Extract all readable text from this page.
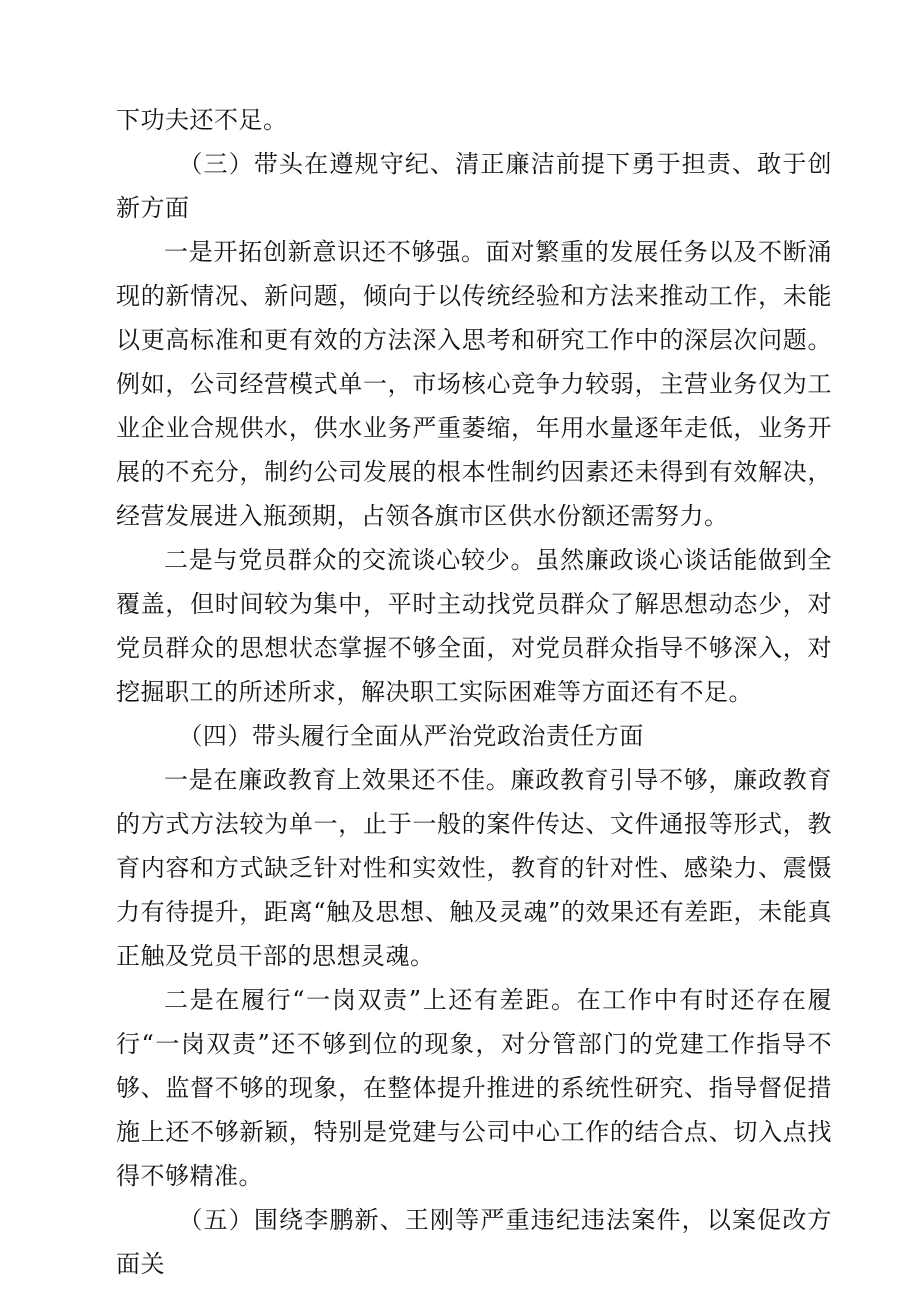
下功夫还不足。

（三）带头在遵规守纪、清正廉洁前提下勇于担责、敢于创新方面

一是开拓创新意识还不够强。面对繁重的发展任务以及不断涌现的新情况、新问题，倾向于以传统经验和方法来推动工作，未能以更高标准和更有效的方法深入思考和研究工作中的深层次问题。例如，公司经营模式单一，市场核心竞争力较弱，主营业务仅为工业企业合规供水，供水业务严重萎缩，年用水量逐年走低，业务开展的不充分，制约公司发展的根本性制约因素还未得到有效解决，经营发展进入瓶颈期，占领各旗市区供水份额还需努力。

二是与党员群众的交流谈心较少。虽然廉政谈心谈话能做到全覆盖，但时间较为集中，平时主动找党员群众了解思想动态少，对党员群众的思想状态掌握不够全面，对党员群众指导不够深入，对挖掘职工的所述所求，解决职工实际困难等方面还有不足。

（四）带头履行全面从严治党政治责任方面

一是在廉政教育上效果还不佳。廉政教育引导不够，廉政教育的方式方法较为单一，止于一般的案件传达、文件通报等形式，教育内容和方式缺乏针对性和实效性，教育的针对性、感染力、震慑力有待提升，距离“触及思想、触及灵魂”的效果还有差距，未能真正触及党员干部的思想灵魂。

二是在履行“一岗双责”上还有差距。在工作中有时还存在履行“一岗双责”还不够到位的现象，对分管部门的党建工作指导不够、监督不够的现象，在整体提升推进的系统性研究、指导督促措施上还不够新颖，特别是党建与公司中心工作的结合点、切入点找得不够精准。

（五）围绕李鹏新、王刚等严重违纪违法案件，以案促改方面关
